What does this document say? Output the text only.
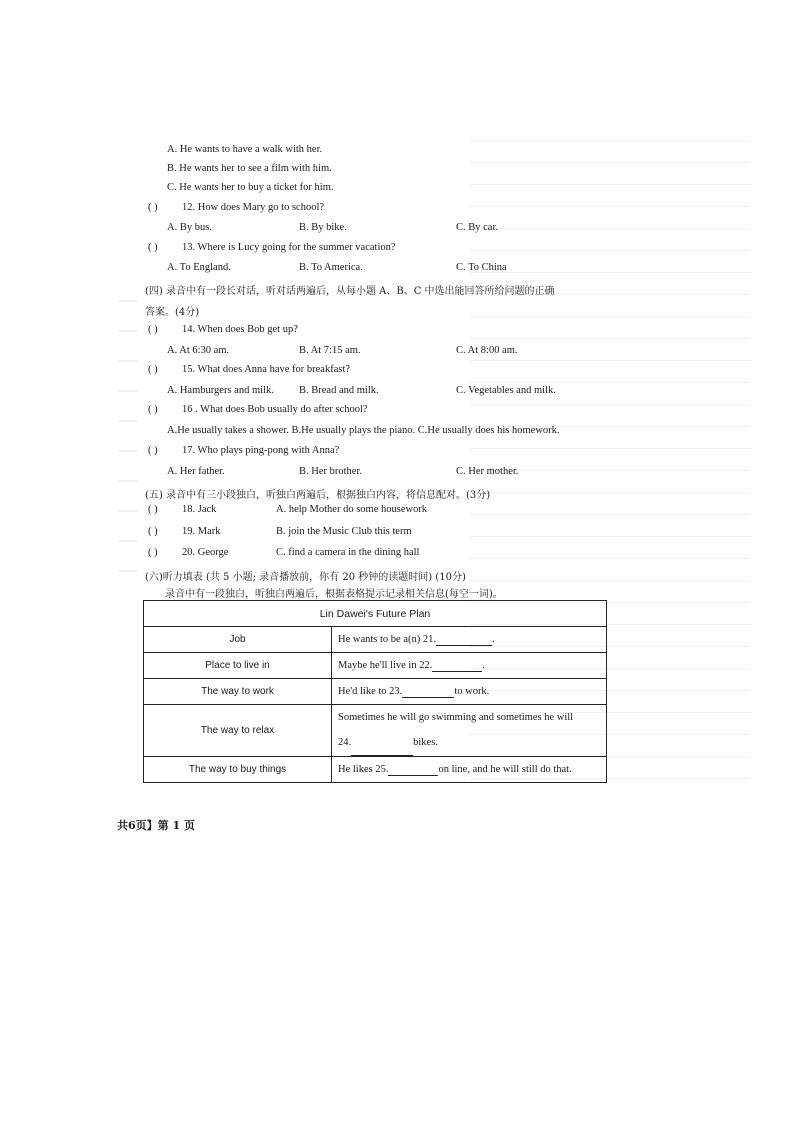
A. He wants to have a walk with her.
B. He wants her to see a film with him.
C. He wants her to buy a ticket for him.
( ) 12. How does Mary go to school?
A. By bus.	B. By bike.	C. By car.
( ) 13. Where is Lucy going for the summer vacation?
A. To England.	B. To America.	C. To China
(四) 录音中有一段长对话，听对话两遍后，从每小题 A、B、C 中选出能回答所给问题的正确
答案。(4分)
( ) 14. When does Bob get up?
A. At 6:30 am.	B. At 7:15 am.	C. At 8:00 am.
( ) 15. What does Anna have for breakfast?
A. Hamburgers and milk. B. Bread and milk.	C. Vegetables and milk.
( ) 16 . What does Bob usually do after school?
A.He usually takes a shower. B.He usually plays the piano. C.He usually does his homework.
( ) 17. Who plays ping-pong with Anna?
A. Her father.	B. Her brother.	C. Her mother.
(五) 录音中有三小段独白，听独白两遍后，根据独白内容，将信息配对。(3分)
( ) 18. Jack	A. help Mother do some housework
( ) 19. Mark	B. join the Music Club this term
( ) 20. George	C. find a camera in the dining hall
(六)听力填表 (共 5 小题; 录音播放前，你有 20 秒钟的读题时间) (10分)
录音中有一段独白，听独白两遍后，根据表格提示记录相关信息(每空一词)。
Lin Dawei's Future Plan	
Job	He wants to be a(n) 21. .
Place to live in	Maybe he'll live in 22. .
The way to work	He'd like to 23. to work.
The way to relax	Sometimes he will go swimming and sometimes he will
24. bikes.

The way to buy things	He likes 25. on line, and he will still do that.
共6页】第 1 页
